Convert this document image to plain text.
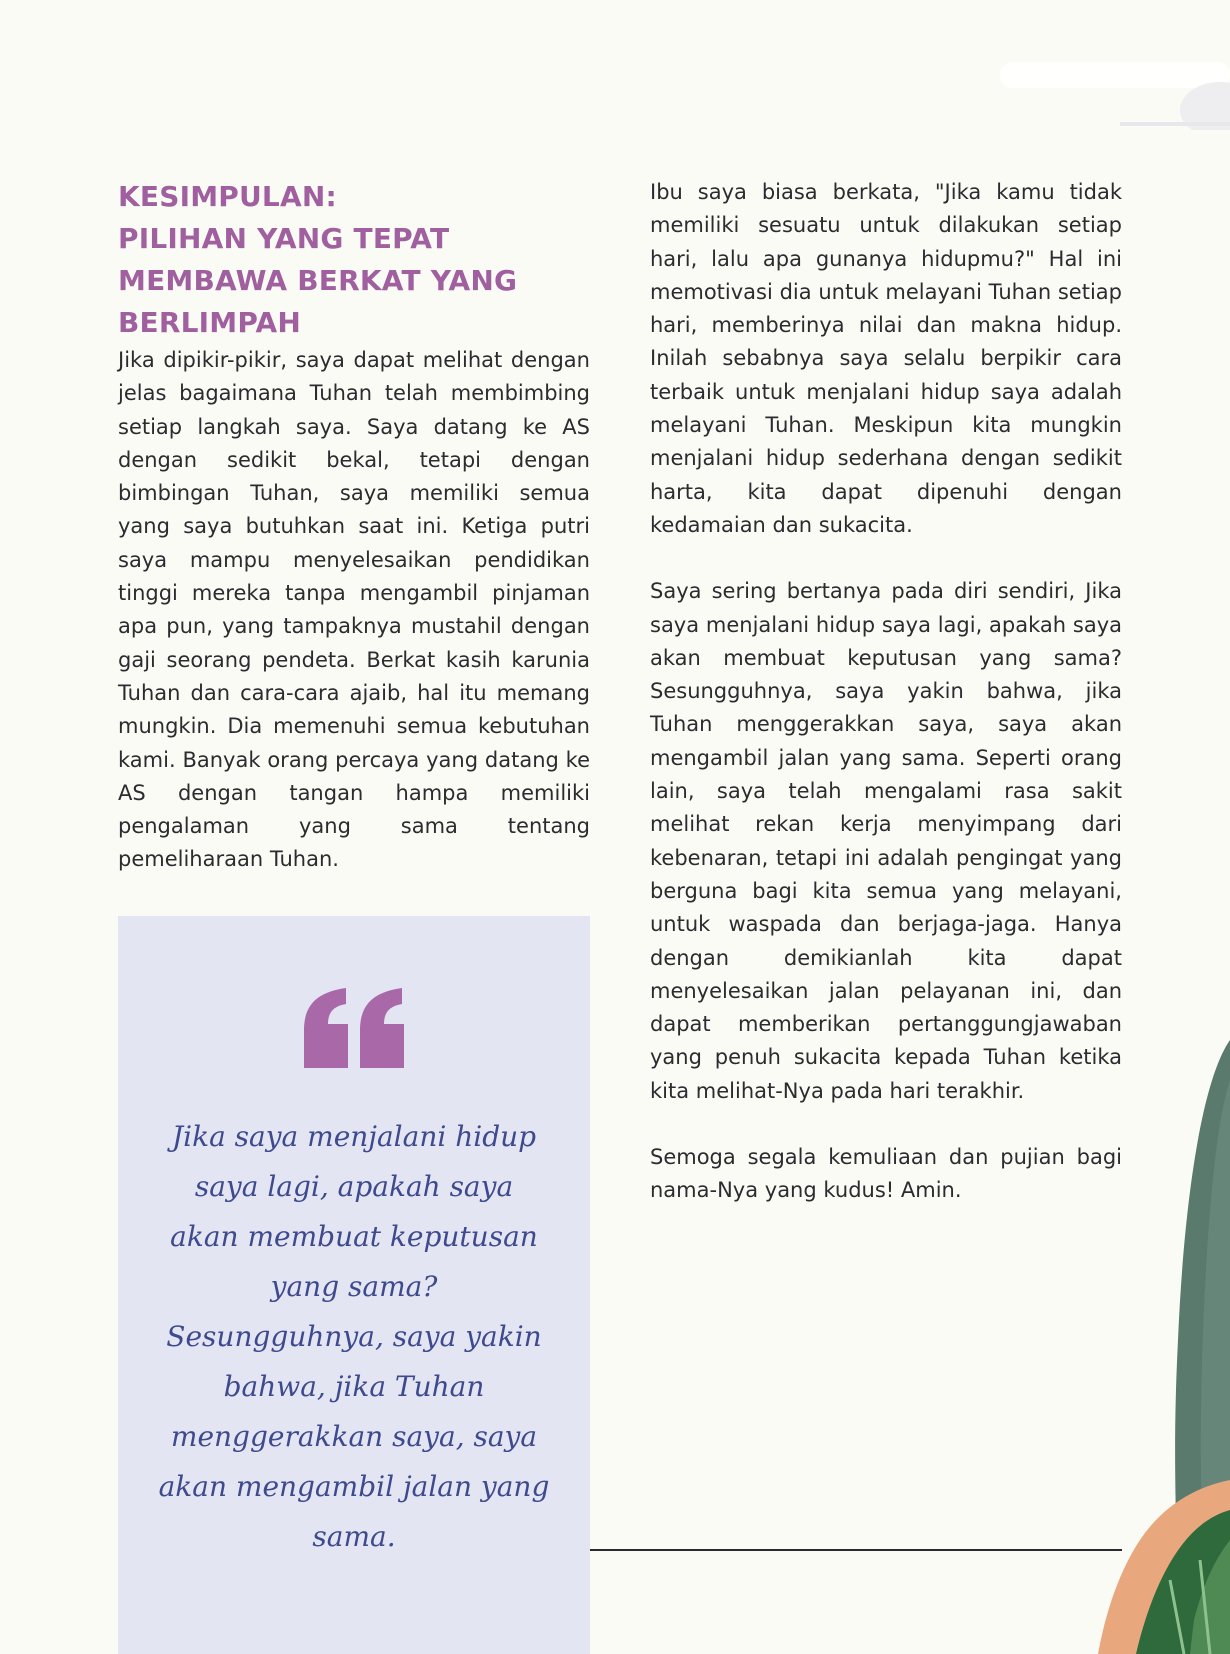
KESIMPULAN:
PILIHAN YANG TEPAT
MEMBAWA BERKAT YANG
BERLIMPAH

Jika dipikir-pikir, saya dapat melihat dengan jelas bagaimana Tuhan telah membimbing setiap langkah saya. Saya datang ke AS dengan sedikit bekal, tetapi dengan bimbingan Tuhan, saya memiliki semua yang saya butuhkan saat ini. Ketiga putri saya mampu menyelesaikan pendidikan tinggi mereka tanpa mengambil pinjaman apa pun, yang tampaknya mustahil dengan gaji seorang pendeta. Berkat kasih karunia Tuhan dan cara-cara ajaib, hal itu memang mungkin. Dia memenuhi semua kebutuhan kami. Banyak orang percaya yang datang ke AS dengan tangan hampa memiliki pengalaman yang sama tentang pemeliharaan Tuhan.

Jika saya menjalani hidup saya lagi, apakah saya akan membuat keputusan yang sama? Sesungguhnya, saya yakin bahwa, jika Tuhan menggerakkan saya, saya akan mengambil jalan yang sama.

Ibu saya biasa berkata, "Jika kamu tidak memiliki sesuatu untuk dilakukan setiap hari, lalu apa gunanya hidupmu?" Hal ini memotivasi dia untuk melayani Tuhan setiap hari, memberinya nilai dan makna hidup. Inilah sebabnya saya selalu berpikir cara terbaik untuk menjalani hidup saya adalah melayani Tuhan. Meskipun kita mungkin menjalani hidup sederhana dengan sedikit harta, kita dapat dipenuhi dengan kedamaian dan sukacita.

Saya sering bertanya pada diri sendiri, Jika saya menjalani hidup saya lagi, apakah saya akan membuat keputusan yang sama? Sesungguhnya, saya yakin bahwa, jika Tuhan menggerakkan saya, saya akan mengambil jalan yang sama. Seperti orang lain, saya telah mengalami rasa sakit melihat rekan kerja menyimpang dari kebenaran, tetapi ini adalah pengingat yang berguna bagi kita semua yang melayani, untuk waspada dan berjaga-jaga. Hanya dengan demikianlah kita dapat menyelesaikan jalan pelayanan ini, dan dapat memberikan pertanggungjawaban yang penuh sukacita kepada Tuhan ketika kita melihat-Nya pada hari terakhir.

Semoga segala kemuliaan dan pujian bagi nama-Nya yang kudus! Amin.
